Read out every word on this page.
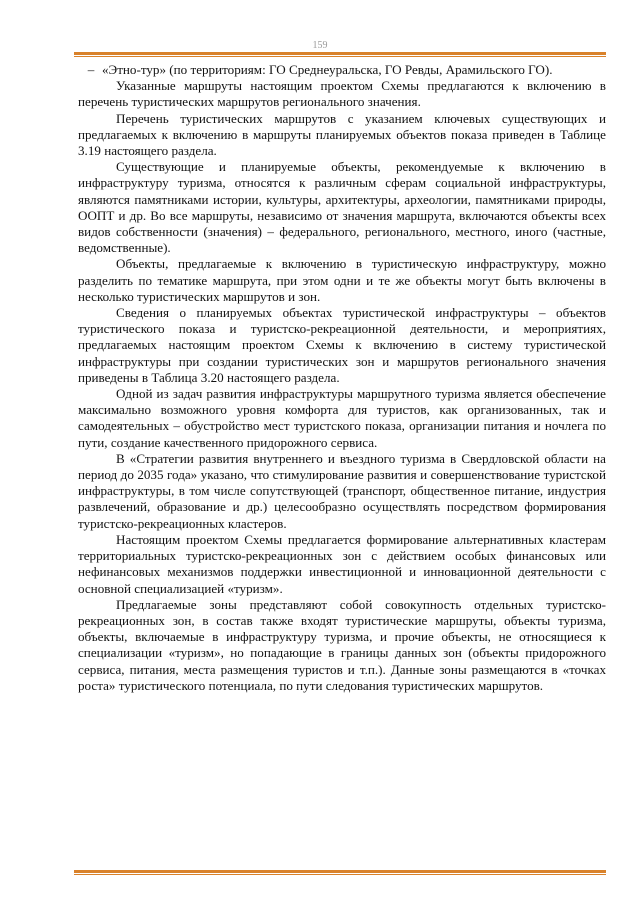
159
– «Этно-тур» (по территориям: ГО Среднеуральска, ГО Ревды, Арамильского ГО).

Указанные маршруты настоящим проектом Схемы предлагаются к включению в перечень туристических маршрутов регионального значения.

Перечень туристических маршрутов с указанием ключевых существующих и предлагаемых к включению в маршруты планируемых объектов показа приведен в Таблице 3.19 настоящего раздела.

Существующие и планируемые объекты, рекомендуемые к включению в инфраструктуру туризма, относятся к различным сферам социальной инфраструктуры, являются памятниками истории, культуры, архитектуры, археологии, памятниками природы, ООПТ и др. Во все маршруты, независимо от значения маршрута, включаются объекты всех видов собственности (значения) – федерального, регионального, местного, иного (частные, ведомственные).

Объекты, предлагаемые к включению в туристическую инфраструктуру, можно разделить по тематике маршрута, при этом одни и те же объекты могут быть включены в несколько туристических маршрутов и зон.

Сведения о планируемых объектах туристической инфраструктуры – объектов туристического показа и туристско-рекреационной деятельности, и мероприятиях, предлагаемых настоящим проектом Схемы к включению в систему туристической инфраструктуры при создании туристических зон и маршрутов регионального значения приведены в Таблица 3.20 настоящего раздела.

Одной из задач развития инфраструктуры маршрутного туризма является обеспечение максимально возможного уровня комфорта для туристов, как организованных, так и самодеятельных – обустройство мест туристского показа, организации питания и ночлега по пути, создание качественного придорожного сервиса.

В «Стратегии развития внутреннего и въездного туризма в Свердловской области на период до 2035 года» указано, что стимулирование развития и совершенствование туристской инфраструктуры, в том числе сопутствующей (транспорт, общественное питание, индустрия развлечений, образование и др.) целесообразно осуществлять посредством формирования туристско-рекреационных кластеров.

Настоящим проектом Схемы предлагается формирование альтернативных кластерам территориальных туристско-рекреационных зон с действием особых финансовых или нефинансовых механизмов поддержки инвестиционной и инновационной деятельности с основной специализацией «туризм».

Предлагаемые зоны представляют собой совокупность отдельных туристско-рекреационных зон, в состав также входят туристические маршруты, объекты туризма, объекты, включаемые в инфраструктуру туризма, и прочие объекты, не относящиеся к специализации «туризм», но попадающие в границы данных зон (объекты придорожного сервиса, питания, места размещения туристов и т.п.). Данные зоны размещаются в «точках роста» туристического потенциала, по пути следования туристических маршрутов.
